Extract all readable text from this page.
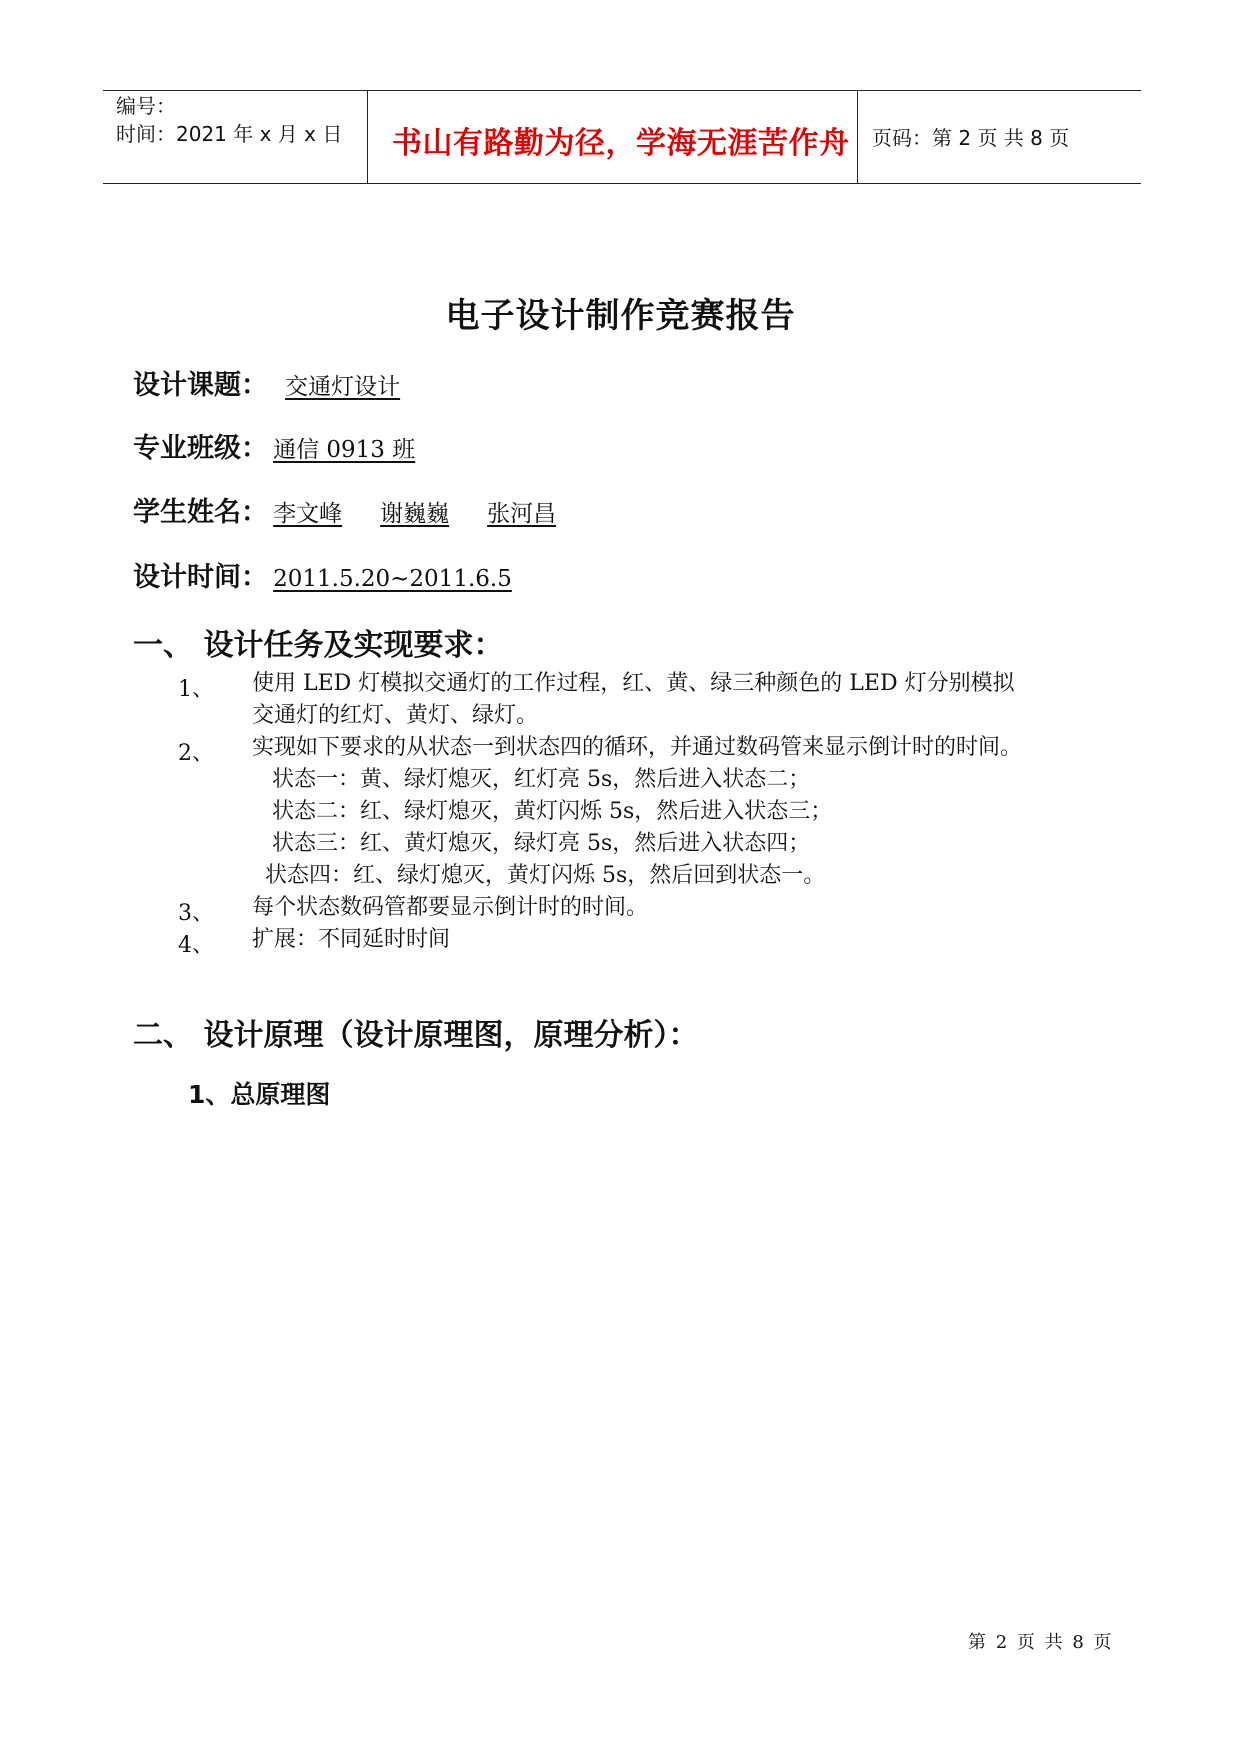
编号：
时间：2021 年 x 月 x 日 书山有路勤为径，学海无涯苦作舟 页码：第 2 页 共 8 页
电子设计制作竞赛报告
设计课题： 交通灯设计
专业班级： 通信 0913 班
学生姓名： 李文峰 谢巍巍 张河昌
设计时间： 2011.5.20~2011.6.5
一、 设计任务及实现要求：
1、 使用 LED 灯模拟交通灯的工作过程，红、黄、绿三种颜色的 LED 灯分别模拟
交通灯的红灯、黄灯、绿灯。
2、 实现如下要求的从状态一到状态四的循环，并通过数码管来显示倒计时的时间。
状态一：黄、绿灯熄灭，红灯亮 5s，然后进入状态二；
状态二：红、绿灯熄灭，黄灯闪烁 5s，然后进入状态三；
状态三：红、黄灯熄灭，绿灯亮 5s，然后进入状态四；
状态四：红、绿灯熄灭，黄灯闪烁 5s，然后回到状态一。
3、 每个状态数码管都要显示倒计时的时间。
4、 扩展：不同延时时间
二、 设计原理（设计原理图，原理分析）：
1、总原理图
第 2 页 共 8 页
